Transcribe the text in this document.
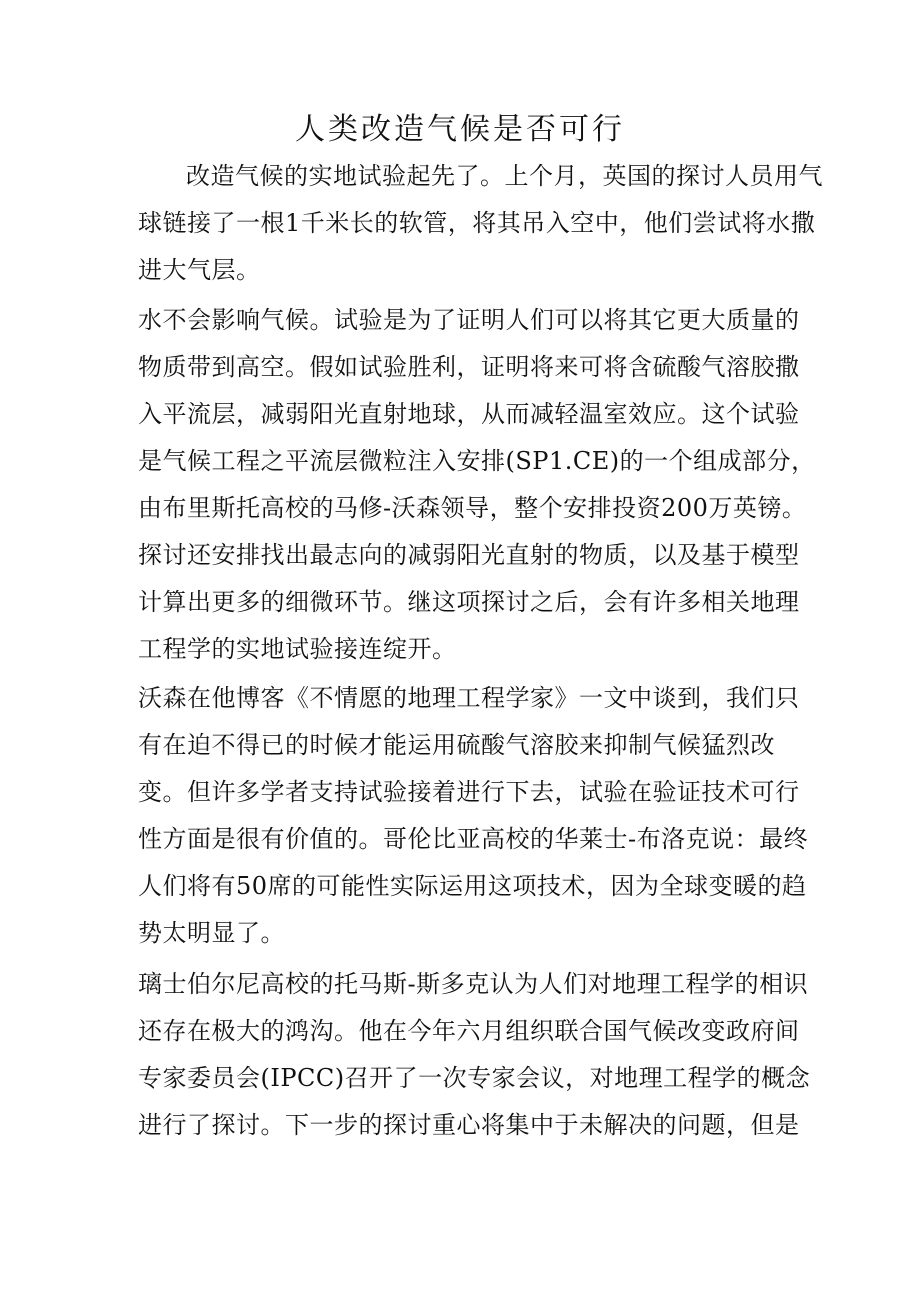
人类改造气候是否可行
改造气候的实地试验起先了。上个月，英国的探讨人员用气
球链接了一根1千米长的软管，将其吊入空中，他们尝试将水撒
进大气层。
水不会影响气候。试验是为了证明人们可以将其它更大质量的
物质带到高空。假如试验胜利，证明将来可将含硫酸气溶胶撒
入平流层，减弱阳光直射地球，从而减轻温室效应。这个试验
是气候工程之平流层微粒注入安排(SP1.CE)的一个组成部分，
由布里斯托高校的马修-沃森领导，整个安排投资200万英镑。
探讨还安排找出最志向的减弱阳光直射的物质，以及基于模型
计算出更多的细微环节。继这项探讨之后，会有许多相关地理
工程学的实地试验接连绽开。
沃森在他博客《不情愿的地理工程学家》一文中谈到，我们只
有在迫不得已的时候才能运用硫酸气溶胶来抑制气候猛烈改
变。但许多学者支持试验接着进行下去，试验在验证技术可行
性方面是很有价值的。哥伦比亚高校的华莱士-布洛克说：最终
人们将有50席的可能性实际运用这项技术，因为全球变暖的趋
势太明显了。
璃士伯尔尼高校的托马斯-斯多克认为人们对地理工程学的相识
还存在极大的鸿沟。他在今年六月组织联合国气候改变政府间
专家委员会(IPCC)召开了一次专家会议，对地理工程学的概念
进行了探讨。下一步的探讨重心将集中于未解决的问题，但是
